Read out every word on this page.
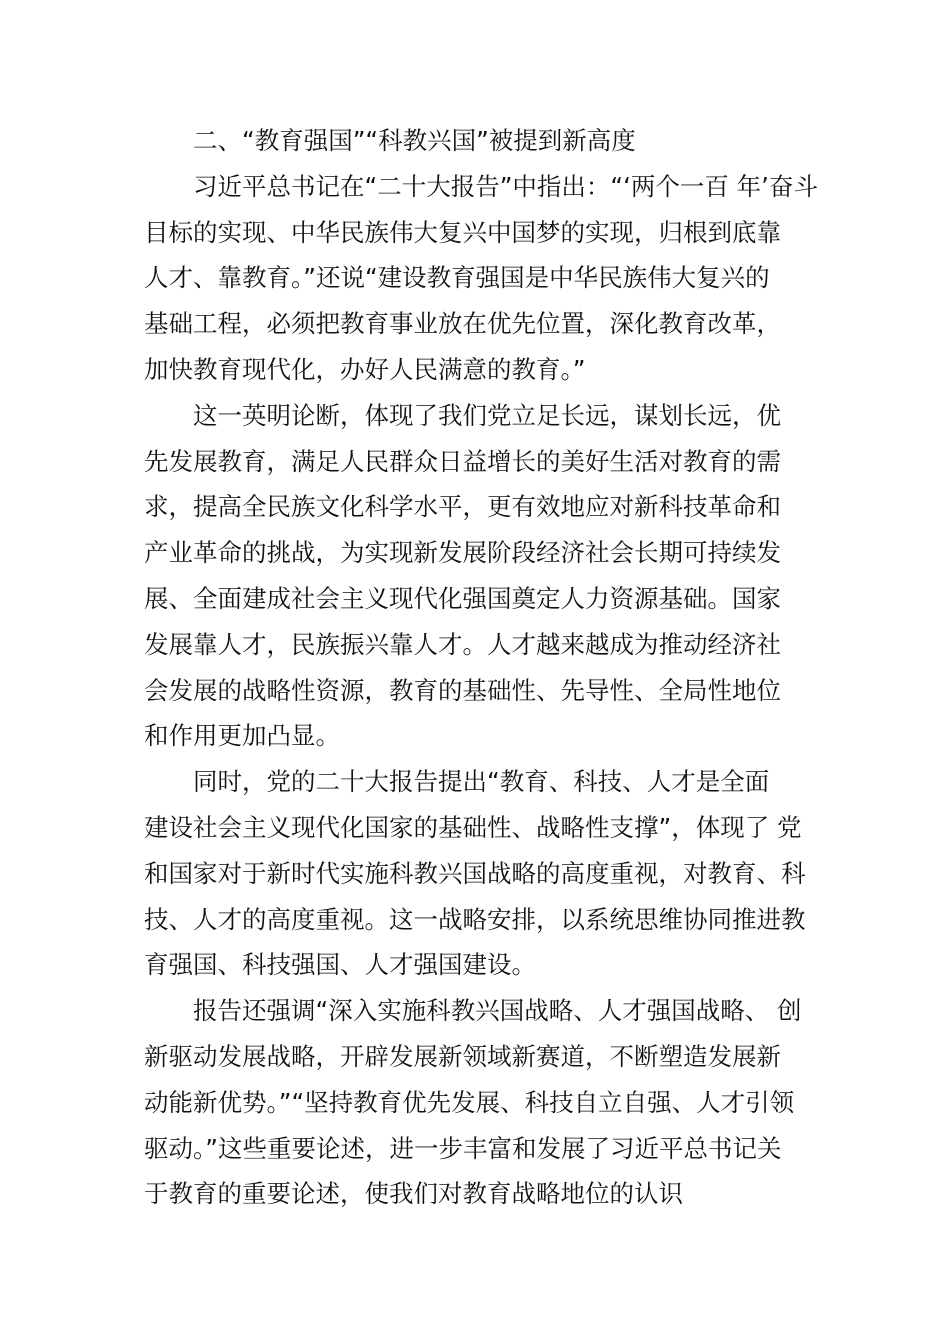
二、“教育强国”“科教兴国”被提到新高度
习近平总书记在“二十大报告”中指出：“‘两个一百 年’奋斗
目标的实现、中华民族伟大复兴中国梦的实现，归根到底靠
人才、靠教育。”还说“建设教育强国是中华民族伟大复兴的
基础工程，必须把教育事业放在优先位置，深化教育改革，
加快教育现代化，办好人民满意的教育。”
这一英明论断，体现了我们党立足长远，谋划长远，优
先发展教育，满足人民群众日益增长的美好生活对教育的需
求，提高全民族文化科学水平，更有效地应对新科技革命和
产业革命的挑战，为实现新发展阶段经济社会长期可持续发
展、全面建成社会主义现代化强国奠定人力资源基础。国家
发展靠人才，民族振兴靠人才。人才越来越成为推动经济社
会发展的战略性资源，教育的基础性、先导性、全局性地位
和作用更加凸显。
同时，党的二十大报告提出“教育、科技、人才是全面
建设社会主义现代化国家的基础性、战略性支撑”，体现了 党
和国家对于新时代实施科教兴国战略的高度重视，对教育、科
技、人才的高度重视。这一战略安排，以系统思维协同推进教
育强国、科技强国、人才强国建设。
报告还强调“深入实施科教兴国战略、人才强国战略、 创
新驱动发展战略，开辟发展新领域新赛道，不断塑造发展新
动能新优势。”“坚持教育优先发展、科技自立自强、人才引领
驱动。”这些重要论述，进一步丰富和发展了习近平总书记关
于教育的重要论述，使我们对教育战略地位的认识
